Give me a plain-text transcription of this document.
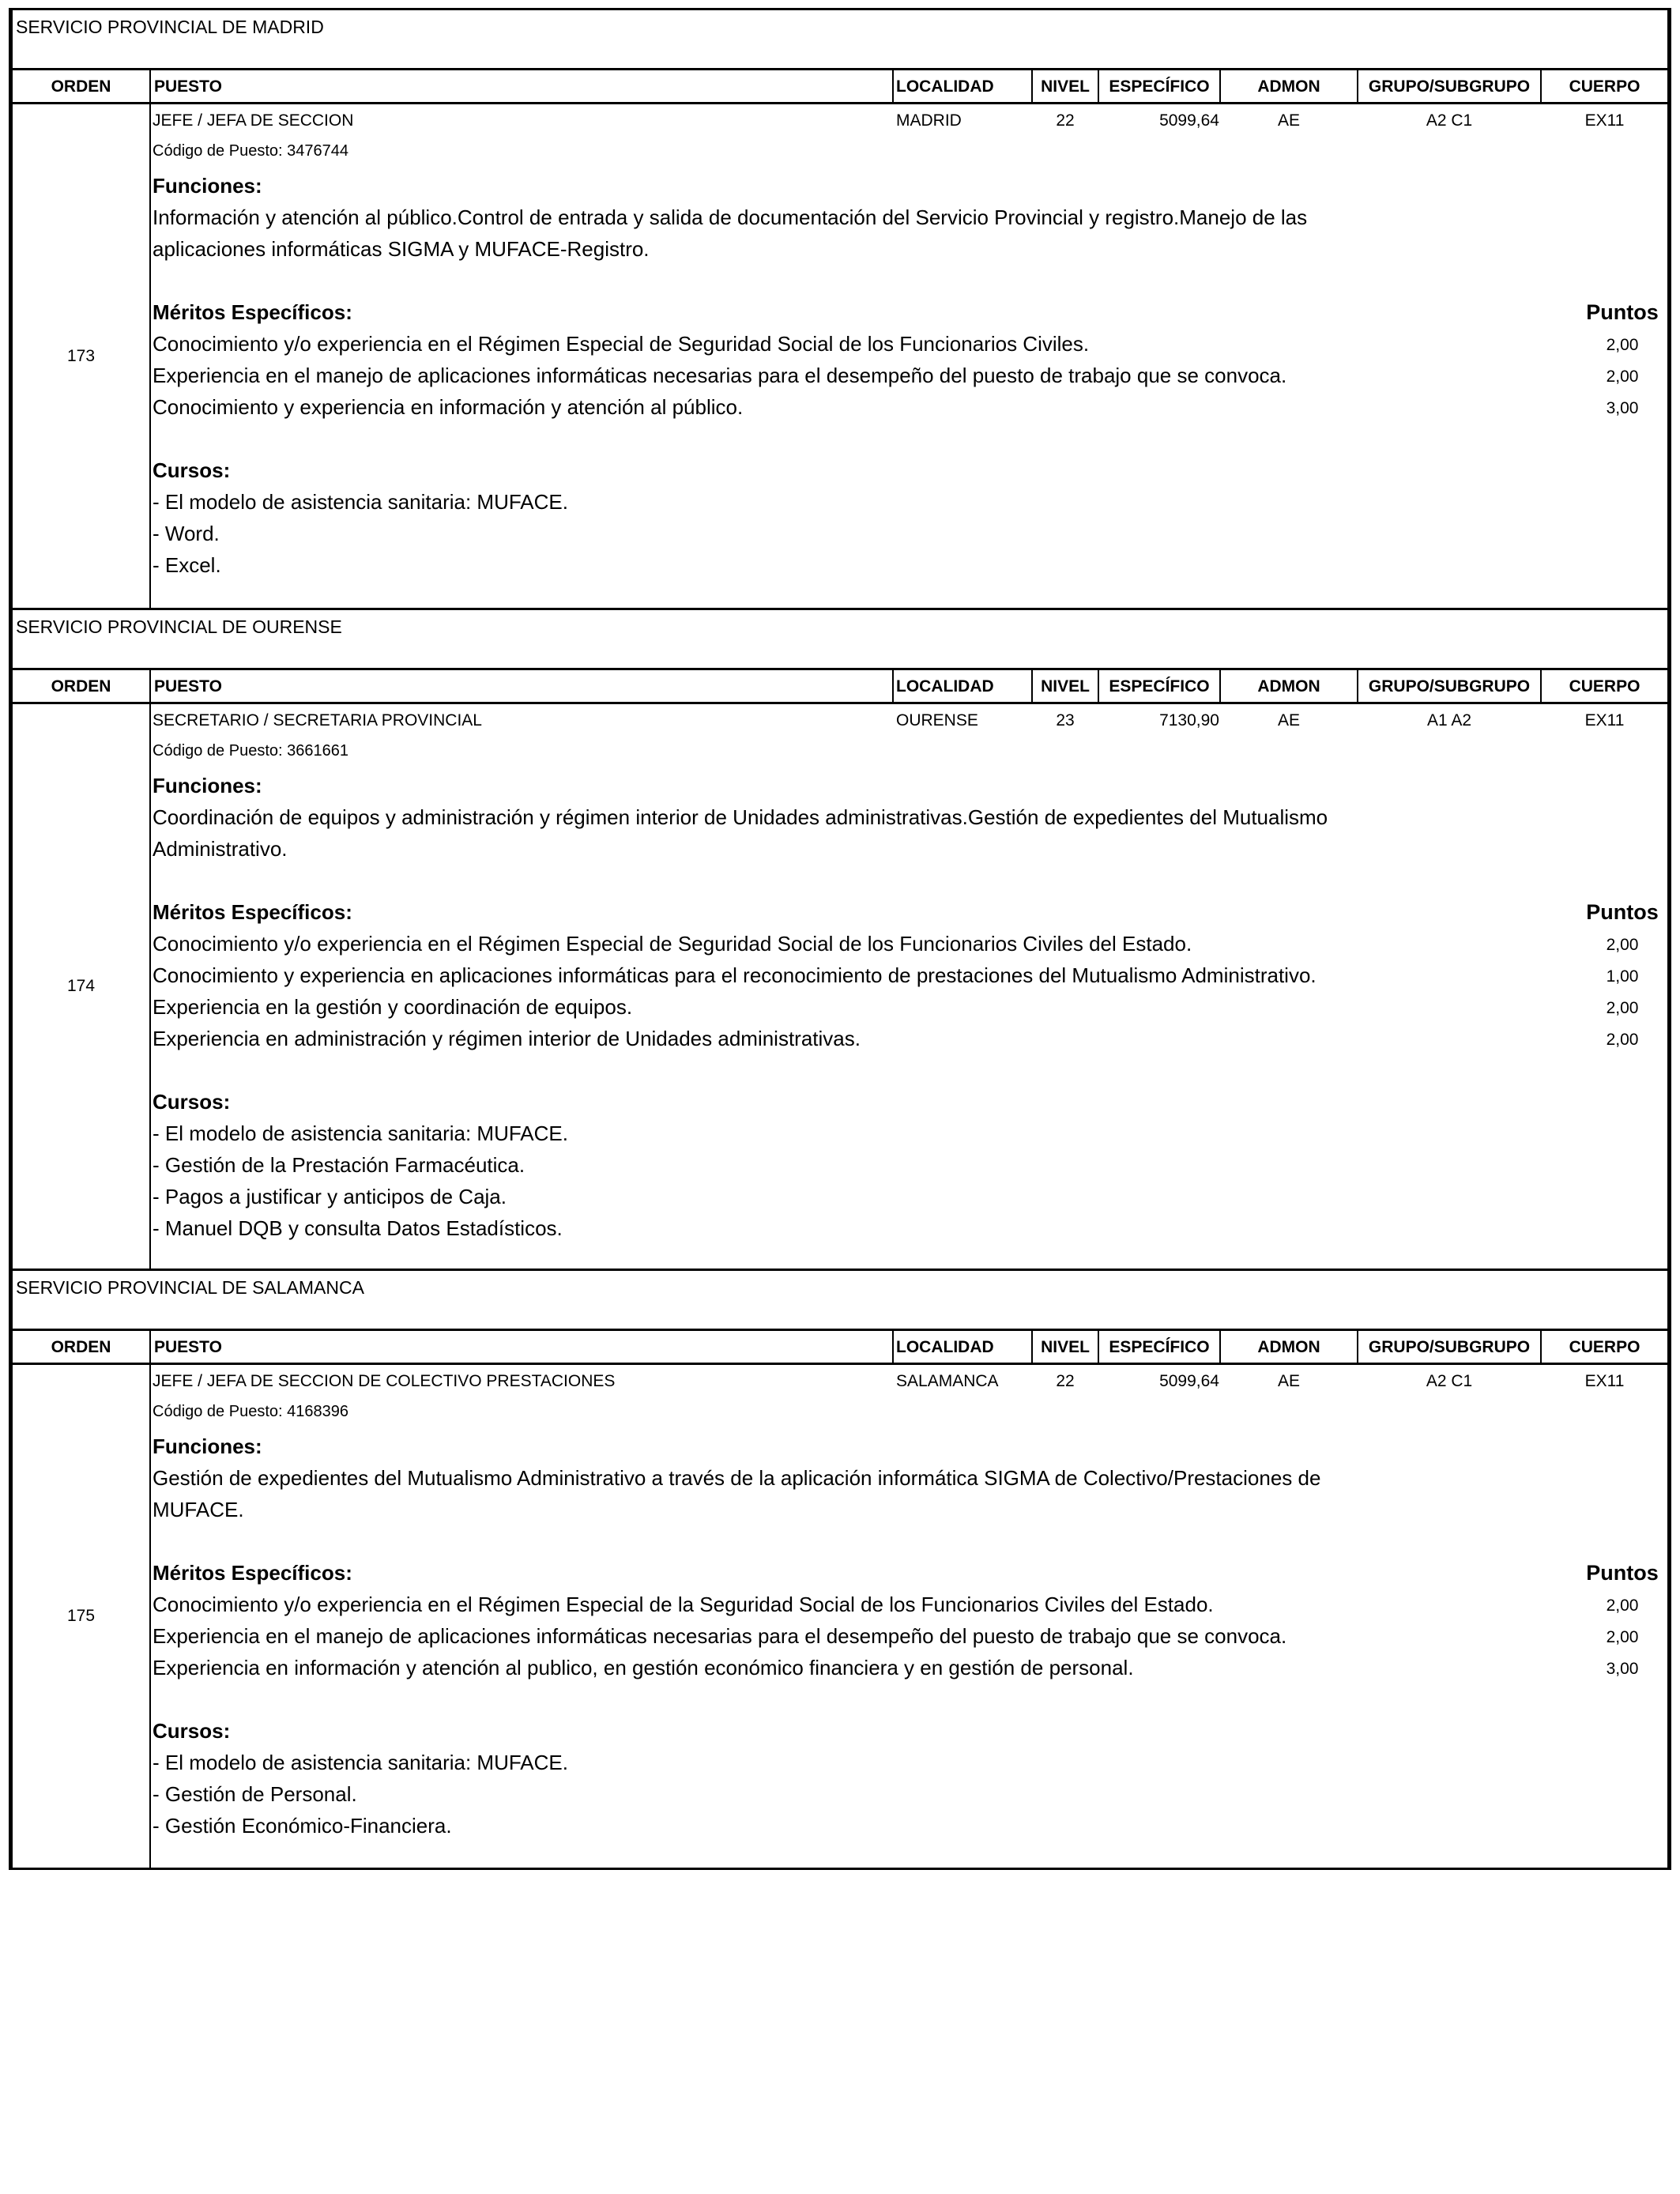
SERVICIO PROVINCIAL DE MADRID
ORDEN	PUESTO	LOCALIDAD	NIVEL	ESPECÍFICO	ADMON	GRUPO/SUBGRUPO	CUERPO
173
JEFE / JEFA DE SECCION	MADRID	22	5099,64	AE	A2 C1	EX11
Código de Puesto: 3476744
Funciones:
Información y atención al público.Control de entrada y salida de documentación del Servicio Provincial y registro.Manejo de las
aplicaciones informáticas SIGMA y MUFACE-Registro.
Méritos Específicos:	Puntos
Conocimiento y/o experiencia en el Régimen Especial de Seguridad Social de los Funcionarios Civiles.	2,00
Experiencia en el manejo de aplicaciones informáticas necesarias para el desempeño del puesto de trabajo que se convoca.	2,00
Conocimiento y experiencia en información y atención al público.	3,00
Cursos:
- El modelo de asistencia sanitaria: MUFACE.
- Word.
- Excel.
SERVICIO PROVINCIAL DE OURENSE
ORDEN	PUESTO	LOCALIDAD	NIVEL	ESPECÍFICO	ADMON	GRUPO/SUBGRUPO	CUERPO
174
SECRETARIO / SECRETARIA PROVINCIAL	OURENSE	23	7130,90	AE	A1 A2	EX11
Código de Puesto: 3661661
Funciones:
Coordinación de equipos y administración y régimen interior de Unidades administrativas.Gestión de expedientes del Mutualismo
Administrativo.
Méritos Específicos:	Puntos
Conocimiento y/o experiencia en el Régimen Especial de Seguridad Social de los Funcionarios Civiles del Estado.	2,00
Conocimiento y experiencia en aplicaciones informáticas para el reconocimiento de prestaciones del Mutualismo Administrativo.	1,00
Experiencia en la gestión y coordinación de equipos.	2,00
Experiencia en administración y régimen interior de Unidades administrativas.	2,00
Cursos:
- El modelo de asistencia sanitaria: MUFACE.
- Gestión de la Prestación Farmacéutica.
- Pagos a justificar y anticipos de Caja.
- Manuel DQB y consulta Datos Estadísticos.
SERVICIO PROVINCIAL DE SALAMANCA
ORDEN	PUESTO	LOCALIDAD	NIVEL	ESPECÍFICO	ADMON	GRUPO/SUBGRUPO	CUERPO
175
JEFE / JEFA DE SECCION DE COLECTIVO PRESTACIONES	SALAMANCA	22	5099,64	AE	A2 C1	EX11
Código de Puesto: 4168396
Funciones:
Gestión de expedientes del Mutualismo Administrativo a través de la aplicación informática SIGMA de Colectivo/Prestaciones de
MUFACE.
Méritos Específicos:	Puntos
Conocimiento y/o experiencia en el Régimen Especial de la Seguridad Social de los Funcionarios Civiles del Estado.	2,00
Experiencia en el manejo de aplicaciones informáticas necesarias para el desempeño del puesto de trabajo que se convoca.	2,00
Experiencia en información y atención al publico, en gestión económico financiera y en gestión de personal.	3,00
Cursos:
- El modelo de asistencia sanitaria: MUFACE.
- Gestión de Personal.
- Gestión Económico-Financiera.
